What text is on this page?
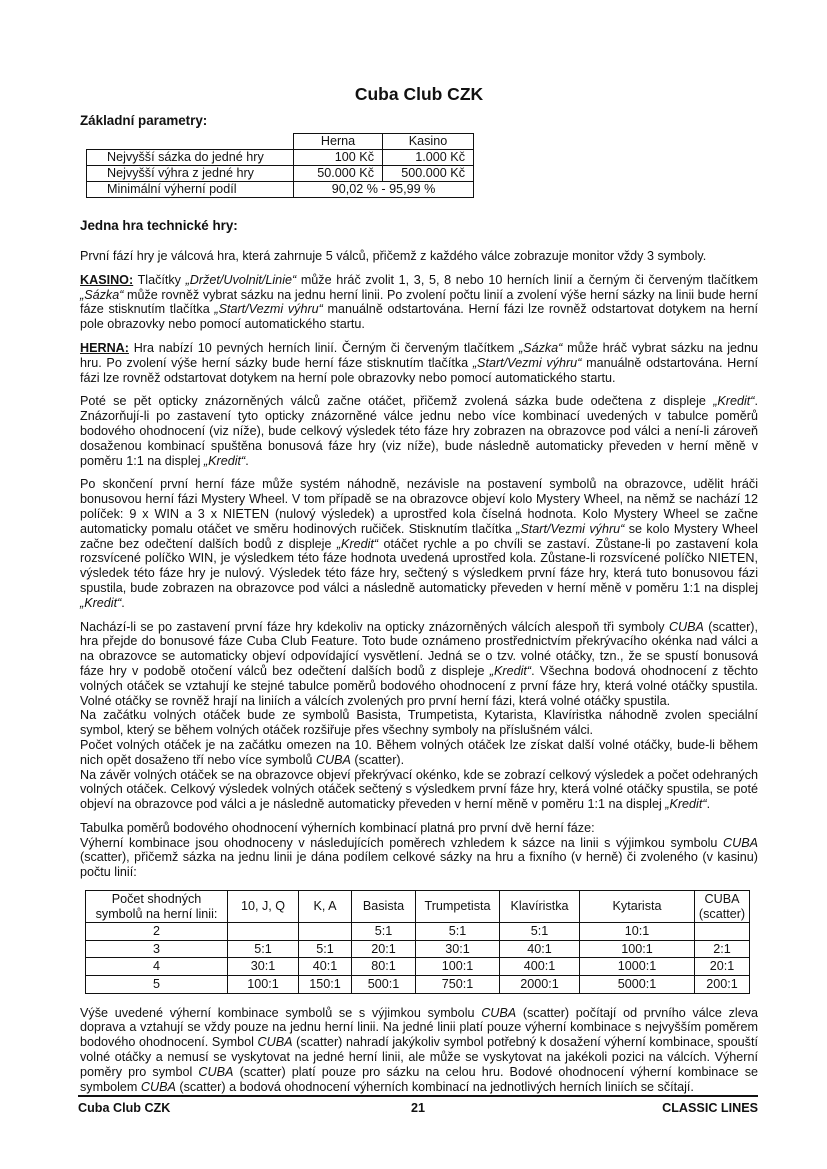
Cuba Club CZK
Základní parametry:
	Herna	Kasino
Nejvyšší sázka do jedné hry	100 Kč	1.000 Kč
Nejvyšší výhra z jedné hry	50.000 Kč	500.000 Kč
Minimální výherní podíl	90,02 % - 95,99 %	
Jedna hra technické hry:

První fází hry je válcová hra, která zahrnuje 5 válců, přičemž z každého válce zobrazuje monitor vždy 3 symboly.

KASINO: Tlačítky „Držet/Uvolnit/Linie“ může hráč zvolit 1, 3, 5, 8 nebo 10 herních linií a černým či červeným tlačítkem „Sázka“ může rovněž vybrat sázku na jednu herní linii. Po zvolení počtu linií a zvolení výše herní sázky na linii bude herní fáze stisknutím tlačítka „Start/Vezmi výhru“ manuálně odstartována. Herní fázi lze rovněž odstartovat dotykem na herní pole obrazovky nebo pomocí automatického startu.

HERNA: Hra nabízí 10 pevných herních linií. Černým či červeným tlačítkem „Sázka“ může hráč vybrat sázku na jednu hru. Po zvolení výše herní sázky bude herní fáze stisknutím tlačítka „Start/Vezmi výhru“ manuálně odstartována. Herní fázi lze rovněž odstartovat dotykem na herní pole obrazovky nebo pomocí automatického startu.

Poté se pět opticky znázorněných válců začne otáčet, přičemž zvolená sázka bude odečtena z displeje „Kredit“. Znázorňují-li po zastavení tyto opticky znázorněné válce jednu nebo více kombinací uvedených v tabulce poměrů bodového ohodnocení (viz níže), bude celkový výsledek této fáze hry zobrazen na obrazovce pod válci a není-li zároveň dosaženou kombinací spuštěna bonusová fáze hry (viz níže), bude následně automaticky převeden v herní měně v poměru 1:1 na displej „Kredit“.

Po skončení první herní fáze může systém náhodně, nezávisle na postavení symbolů na obrazovce, udělit hráči bonusovou herní fázi Mystery Wheel. V tom případě se na obrazovce objeví kolo Mystery Wheel, na němž se nachází 12 políček: 9 x WIN a 3 x NIETEN (nulový výsledek) a uprostřed kola číselná hodnota. Kolo Mystery Wheel se začne automaticky pomalu otáčet ve směru hodinových ručiček. Stisknutím tlačítka „Start/Vezmi výhru“ se kolo Mystery Wheel začne bez odečtení dalších bodů z displeje „Kredit“ otáčet rychle a po chvíli se zastaví. Zůstane-li po zastavení kola rozsvícené políčko WIN, je výsledkem této fáze hodnota uvedená uprostřed kola. Zůstane-li rozsvícené políčko NIETEN, výsledek této fáze hry je nulový. Výsledek této fáze hry, sečtený s výsledkem první fáze hry, která tuto bonusovou fázi spustila, bude zobrazen na obrazovce pod válci a následně automaticky převeden v herní měně v poměru 1:1 na displej „Kredit“.

Nachází-li se po zastavení první fáze hry kdekoliv na opticky znázorněných válcích alespoň tři symboly CUBA (scatter), hra přejde do bonusové fáze Cuba Club Feature. Toto bude oznámeno prostřednictvím překrývacího okénka nad válci a na obrazovce se automaticky objeví odpovídající vysvětlení. Jedná se o tzv. volné otáčky, tzn., že se spustí bonusová fáze hry v podobě otočení válců bez odečtení dalších bodů z displeje „Kredit“. Všechna bodová ohodnocení z těchto volných otáček se vztahují ke stejné tabulce poměrů bodového ohodnocení z první fáze hry, která volné otáčky spustila. Volné otáčky se rovněž hrají na liniích a válcích zvolených pro první herní fázi, která volné otáčky spustila.

Na začátku volných otáček bude ze symbolů Basista, Trumpetista, Kytarista, Klavíristka náhodně zvolen speciální symbol, který se během volných otáček rozšiřuje přes všechny symboly na příslušném válci.

Počet volných otáček je na začátku omezen na 10. Během volných otáček lze získat další volné otáčky, bude-li během nich opět dosaženo tří nebo více symbolů CUBA (scatter).

Na závěr volných otáček se na obrazovce objeví překrývací okénko, kde se zobrazí celkový výsledek a počet odehraných volných otáček. Celkový výsledek volných otáček sečtený s výsledkem první fáze hry, která volné otáčky spustila, se poté objeví na obrazovce pod válci a je následně automaticky převeden v herní měně v poměru 1:1 na displej „Kredit“.

Tabulka poměrů bodového ohodnocení výherních kombinací platná pro první dvě herní fáze:

Výherní kombinace jsou ohodnoceny v následujících poměrech vzhledem k sázce na linii s výjimkou symbolu CUBA (scatter), přičemž sázka na jednu linii je dána podílem celkové sázky na hru a fixního (v herně) či zvoleného (v kasinu) počtu linií:

Počet shodných symbolů na herní linii:	10, J, Q	K, A	Basista	Trumpetista	Klavíristka	Kytarista	CUBA (scatter)
2			5:1	5:1	5:1	10:1	
3	5:1	5:1	20:1	30:1	40:1	100:1	2:1
4	30:1	40:1	80:1	100:1	400:1	1000:1	20:1
5	100:1	150:1	500:1	750:1	2000:1	5000:1	200:1

Výše uvedené výherní kombinace symbolů se s výjimkou symbolu CUBA (scatter) počítají od prvního válce zleva doprava a vztahují se vždy pouze na jednu herní linii. Na jedné linii platí pouze výherní kombinace s nejvyšším poměrem bodového ohodnocení. Symbol CUBA (scatter) nahradí jakýkoliv symbol potřebný k dosažení výherní kombinace, spouští volné otáčky a nemusí se vyskytovat na jedné herní linii, ale může se vyskytovat na jakékoli pozici na válcích. Výherní poměry pro symbol CUBA (scatter) platí pouze pro sázku na celou hru. Bodové ohodnocení výherní kombinace se symbolem CUBA (scatter) a bodová ohodnocení výherních kombinací na jednotlivých herních liniích se sčítají.

Cuba Club CZK	21	CLASSIC LINES
